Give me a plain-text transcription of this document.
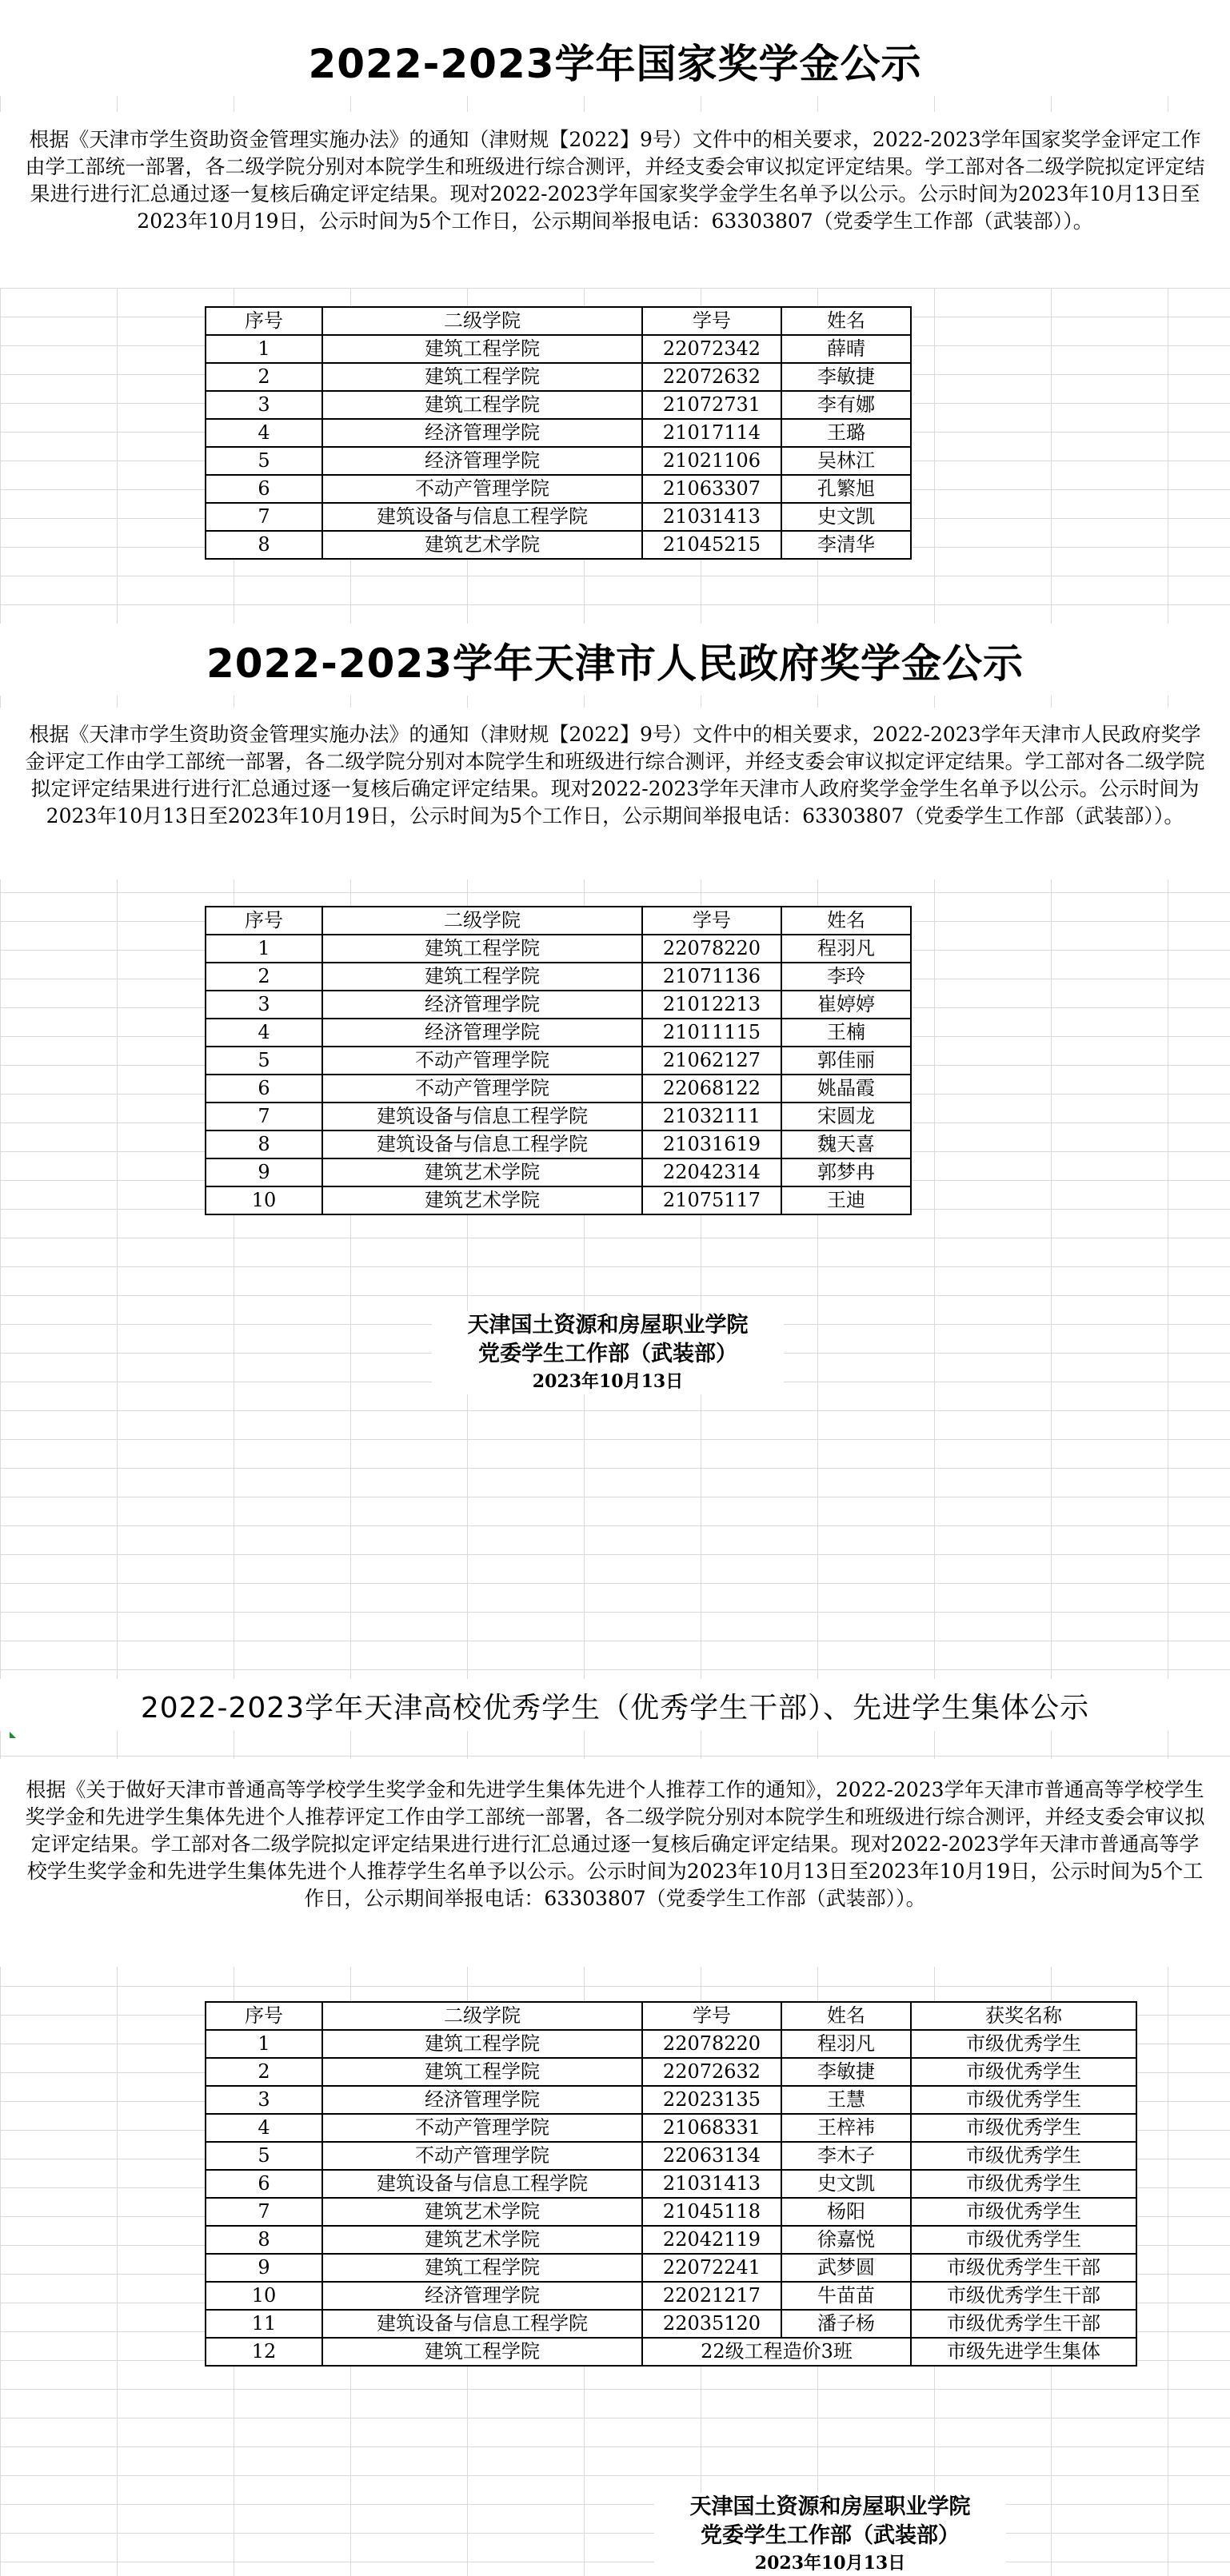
2022-2023学年国家奖学金公示

根据《天津市学生资助资金管理实施办法》的通知（津财规【2022】9号）文件中的相关要求，2022-2023学年国家奖学金评定工作由学工部统一部署，各二级学院分别对本院学生和班级进行综合测评，并经支委会审议拟定评定结果。学工部对各二级学院拟定评定结果进行进行汇总通过逐一复核后确定评定结果。现对2022-2023学年国家奖学金学生名单予以公示。公示时间为2023年10月13日至2023年10月19日，公示时间为5个工作日，公示期间举报电话：63303807（党委学生工作部（武装部））。

序号	二级学院	学号	姓名
1	建筑工程学院	22072342	薛晴
2	建筑工程学院	22072632	李敏捷
3	建筑工程学院	21072731	李有娜
4	经济管理学院	21017114	王璐
5	经济管理学院	21021106	吴林江
6	不动产管理学院	21063307	孔繁旭
7	建筑设备与信息工程学院	21031413	史文凯
8	建筑艺术学院	21045215	李清华
2022-2023学年天津市人民政府奖学金公示

根据《天津市学生资助资金管理实施办法》的通知（津财规【2022】9号）文件中的相关要求，2022-2023学年天津市人民政府奖学金评定工作由学工部统一部署，各二级学院分别对本院学生和班级进行综合测评，并经支委会审议拟定评定结果。学工部对各二级学院拟定评定结果进行进行汇总通过逐一复核后确定评定结果。现对2022-2023学年天津市人政府奖学金学生名单予以公示。公示时间为2023年10月13日至2023年10月19日，公示时间为5个工作日，公示期间举报电话：63303807（党委学生工作部（武装部））。

序号	二级学院	学号	姓名
1	建筑工程学院	22078220	程羽凡
2	建筑工程学院	21071136	李玲
3	经济管理学院	21012213	崔婷婷
4	经济管理学院	21011115	王楠
5	不动产管理学院	21062127	郭佳丽
6	不动产管理学院	22068122	姚晶霞
7	建筑设备与信息工程学院	21032111	宋圆龙
8	建筑设备与信息工程学院	21031619	魏天喜
9	建筑艺术学院	22042314	郭梦冉
10	建筑艺术学院	21075117	王迪
天津国土资源和房屋职业学院
党委学生工作部（武装部）
2023年10月13日
2022-2023学年天津高校优秀学生（优秀学生干部）、先进学生集体公示

根据《关于做好天津市普通高等学校学生奖学金和先进学生集体先进个人推荐工作的通知》，2022-2023学年天津市普通高等学校学生奖学金和先进学生集体先进个人推荐评定工作由学工部统一部署，各二级学院分别对本院学生和班级进行综合测评，并经支委会审议拟定评定结果。学工部对各二级学院拟定评定结果进行进行汇总通过逐一复核后确定评定结果。现对2022-2023学年天津市普通高等学校学生奖学金和先进学生集体先进个人推荐学生名单予以公示。公示时间为2023年10月13日至2023年10月19日，公示时间为5个工作日，公示期间举报电话：63303807（党委学生工作部（武装部））。

序号	二级学院	学号	姓名	获奖名称
1	建筑工程学院	22078220	程羽凡	市级优秀学生
2	建筑工程学院	22072632	李敏捷	市级优秀学生
3	经济管理学院	22023135	王慧	市级优秀学生
4	不动产管理学院	21068331	王梓袆	市级优秀学生
5	不动产管理学院	22063134	李木子	市级优秀学生
6	建筑设备与信息工程学院	21031413	史文凯	市级优秀学生
7	建筑艺术学院	21045118	杨阳	市级优秀学生
8	建筑艺术学院	22042119	徐嘉悦	市级优秀学生
9	建筑工程学院	22072241	武梦圆	市级优秀学生干部
10	经济管理学院	22021217	牛苗苗	市级优秀学生干部
11	建筑设备与信息工程学院	22035120	潘子杨	市级优秀学生干部
12	建筑工程学院	22级工程造价3班		市级先进学生集体
天津国土资源和房屋职业学院
党委学生工作部（武装部）
2023年10月13日
